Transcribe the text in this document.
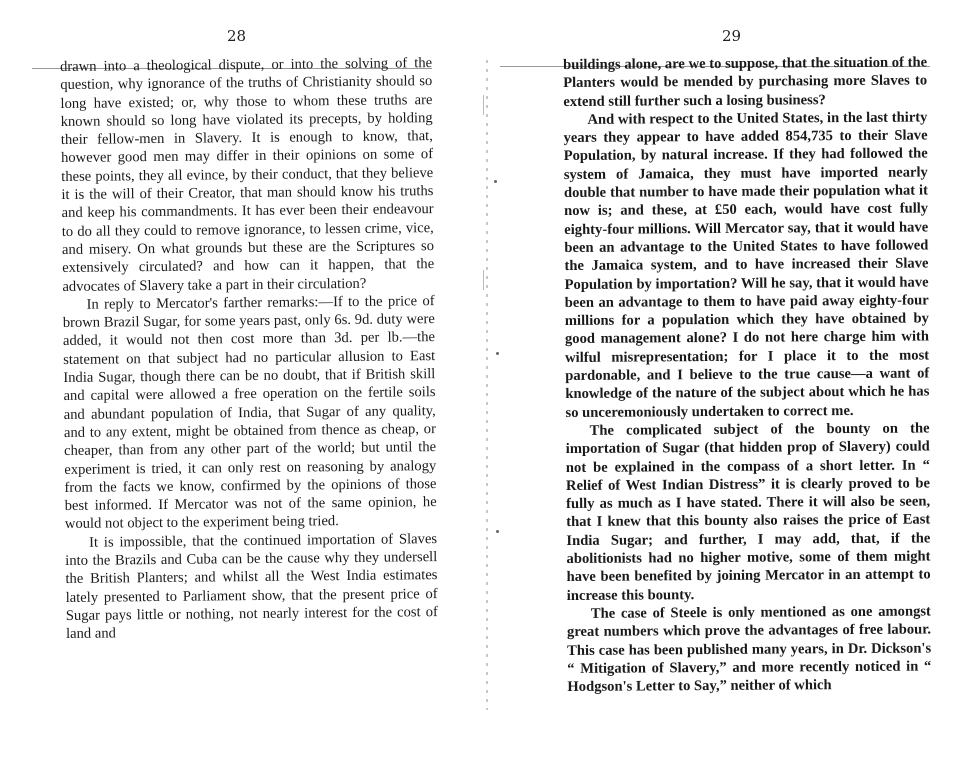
28

drawn into a theological dispute, or into the solving of the question, why ignorance of the truths of Christianity should so long have existed; or, why those to whom these truths are known should so long have violated its precepts, by holding their fellow-men in Slavery. It is enough to know, that, however good men may differ in their opinions on some of these points, they all evince, by their conduct, that they believe it is the will of their Creator, that man should know his truths and keep his commandments. It has ever been their endeavour to do all they could to remove ignorance, to lessen crime, vice, and misery. On what grounds but these are the Scriptures so extensively circulated? and how can it happen, that the advocates of Slavery take a part in their circulation?

In reply to Mercator's farther remarks:—If to the price of brown Brazil Sugar, for some years past, only 6s. 9d. duty were added, it would not then cost more than 3d. per lb.—the statement on that subject had no particular allusion to East India Sugar, though there can be no doubt, that if British skill and capital were allowed a free operation on the fertile soils and abundant population of India, that Sugar of any quality, and to any extent, might be obtained from thence as cheap, or cheaper, than from any other part of the world; but until the experiment is tried, it can only rest on reasoning by analogy from the facts we know, confirmed by the opinions of those best informed. If Mercator was not of the same opinion, he would not object to the experiment being tried.

It is impossible, that the continued importation of Slaves into the Brazils and Cuba can be the cause why they undersell the British Planters; and whilst all the West India estimates lately presented to Parliament show, that the present price of Sugar pays little or nothing, not nearly interest for the cost of land and

29

buildings alone, are we to suppose, that the situation of the Planters would be mended by purchasing more Slaves to extend still further such a losing business?

And with respect to the United States, in the last thirty years they appear to have added 854,735 to their Slave Population, by natural increase. If they had followed the system of Jamaica, they must have imported nearly double that number to have made their population what it now is; and these, at £50 each, would have cost fully eighty-four millions. Will Mercator say, that it would have been an advantage to the United States to have followed the Jamaica system, and to have increased their Slave Population by importation? Will he say, that it would have been an advantage to them to have paid away eighty-four millions for a population which they have obtained by good management alone? I do not here charge him with wilful misrepresentation; for I place it to the most pardonable, and I believe to the true cause—a want of knowledge of the nature of the subject about which he has so unceremoniously undertaken to correct me.

The complicated subject of the bounty on the importation of Sugar (that hidden prop of Slavery) could not be explained in the compass of a short letter. In “ Relief of West Indian Distress” it is clearly proved to be fully as much as I have stated. There it will also be seen, that I knew that this bounty also raises the price of East India Sugar; and further, I may add, that, if the abolitionists had no higher motive, some of them might have been benefited by joining Mercator in an attempt to increase this bounty.

The case of Steele is only mentioned as one amongst great numbers which prove the advantages of free labour. This case has been published many years, in Dr. Dickson's “ Mitigation of Slavery,” and more recently noticed in “ Hodgson's Letter to Say,” neither of which
